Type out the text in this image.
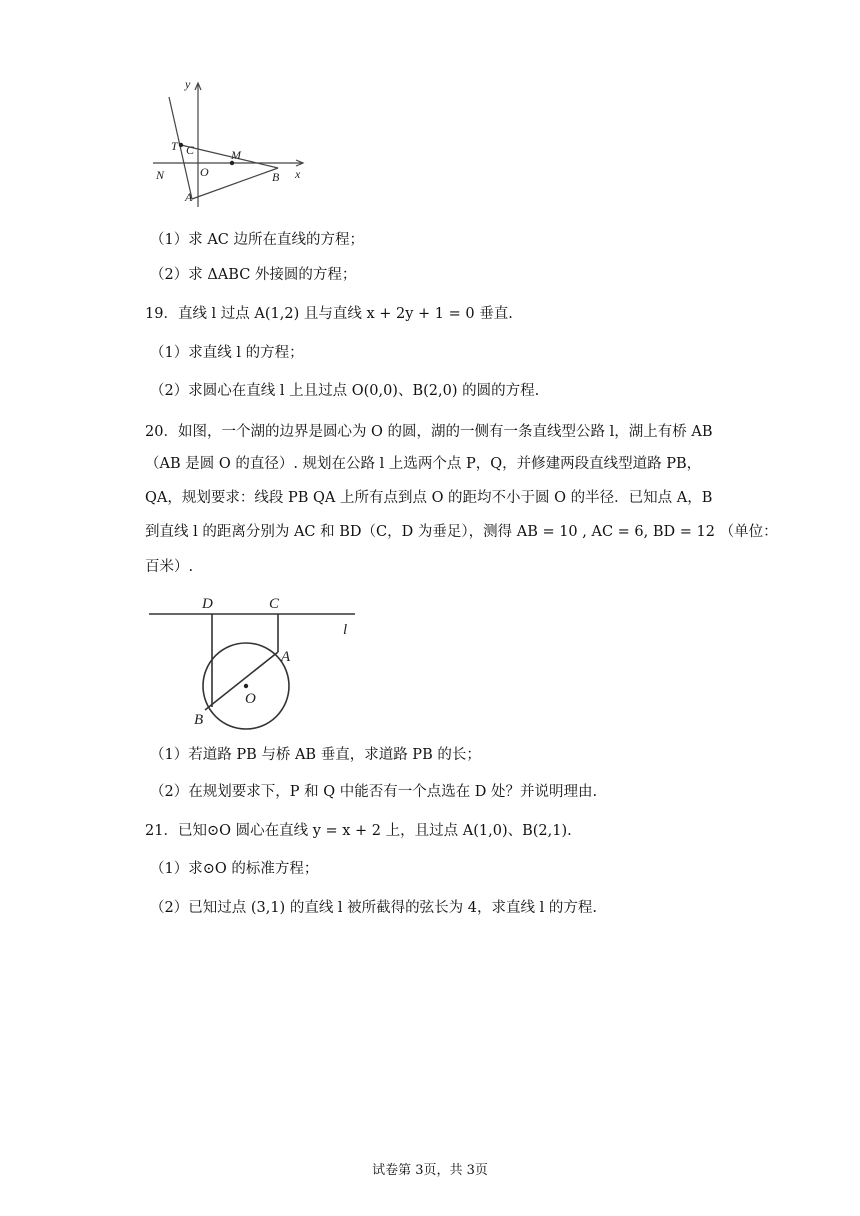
y
x
T C	M
N	O	B
A
（1）求 AC 边所在直线的方程；
（2）求 ΔABC 外接圆的方程；
19．直线 l 过点 A(1,2) 且与直线 x + 2y + 1 = 0 垂直.
（1）求直线 l 的方程；
（2）求圆心在直线 l 上且过点 O(0,0)、B(2,0) 的圆的方程.
20．如图，一个湖的边界是圆心为 O 的圆，湖的一侧有一条直线型公路 l，湖上有桥 AB
（AB 是圆 O 的直径）. 规划在公路 l 上选两个点 P，Q，并修建两段直线型道路 PB，
QA，规划要求：线段 PB QA 上所有点到点 O 的距均不小于圆 O 的半径．已知点 A，B
到直线 l 的距离分别为 AC 和 BD（C，D 为垂足），测得 AB = 10 , AC = 6, BD = 12 （单位：
百米）.
D	C
l
A
O
B
（1）若道路 PB 与桥 AB 垂直，求道路 PB 的长；
（2）在规划要求下，P 和 Q 中能否有一个点选在 D 处？并说明理由.
21．已知⊙O 圆心在直线 y = x + 2 上，且过点 A(1,0)、B(2,1).
（1）求⊙O 的标准方程；
（2）已知过点 (3,1) 的直线 l 被所截得的弦长为 4，求直线 l 的方程.
试卷第 3页，共 3页
